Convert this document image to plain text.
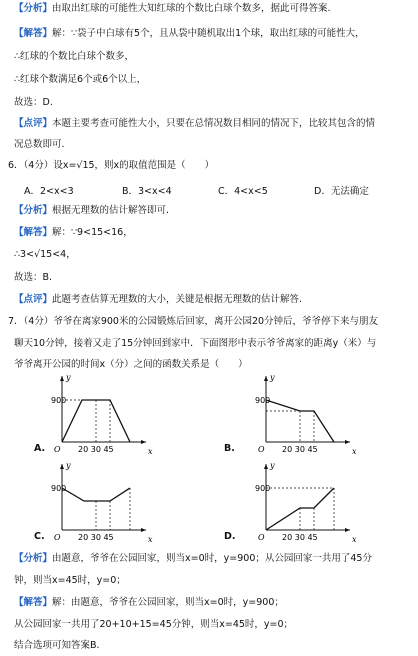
【分析】由取出红球的可能性大知红球的个数比白球个数多，据此可得答案.
【解答】解：∵袋子中白球有5个，且从袋中随机取出1个球，取出红球的可能性大，
∴红球的个数比白球个数多，
∴红球个数满足6个或6个以上，
故选：D.
【点评】本题主要考查可能性大小，只要在总情况数目相同的情况下，比较其包含的情
况总数即可.
6．（4分）设x=√15，则x的取值范围是（　　）
A．2<x<3	B．3<x<4	C．4<x<5	D．无法确定
【分析】根据无理数的估计解答即可.
【解答】解：∵9<15<16，
∴3<√15<4，
故选：B.
【点评】此题考查估算无理数的大小，关键是根据无理数的估计解答.
7．（4分）爷爷在离家900米的公园锻炼后回家，离开公园20分钟后，爷爷停下来与朋友
聊天10分钟，接着又走了15分钟回到家中．下面图形中表示爷爷离家的距离y（米）与
爷爷离开公园的时间x（分）之间的函数关系是（　　）
900
y
x
O 20 30 45
A.
900
y
x
O 20 30 45
B.
900
y
x
O 20 30 45
C.
900
y
x
O 20 30 45
D.
【分析】由题意，爷爷在公园回家，则当x=0时，y=900；从公园回家一共用了45分
钟，则当x=45时，y=0；
【解答】解：由题意，爷爷在公园回家，则当x=0时，y=900；
从公园回家一共用了20+10+15=45分钟，则当x=45时，y=0；
结合选项可知答案B.
